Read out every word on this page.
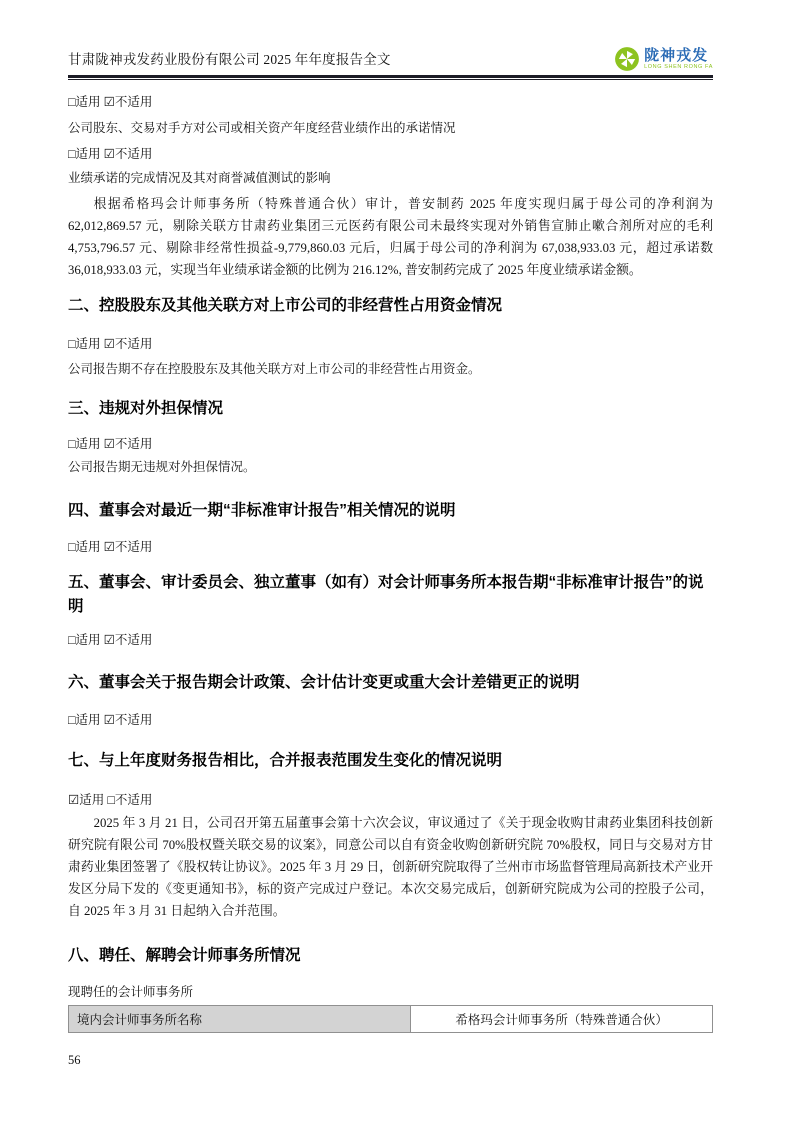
甘肃陇神戎发药业股份有限公司 2025 年年度报告全文	陇神戎发
LONG SHEN RONG FA

□适用 ☑不适用

公司股东、交易对手方对公司或相关资产年度经营业绩作出的承诺情况

□适用 ☑不适用

业绩承诺的完成情况及其对商誉减值测试的影响

根据希格玛会计师事务所（特殊普通合伙）审计，普安制药 2025 年度实现归属于母公司的净利润为 62,012,869.57 元，剔除关联方甘肃药业集团三元医药有限公司未最终实现对外销售宣肺止嗽合剂所对应的毛利 4,753,796.57 元、剔除非经常性损益-9,779,860.03 元后，归属于母公司的净利润为 67,038,933.03 元，超过承诺数 36,018,933.03 元，实现当年业绩承诺金额的比例为 216.12%, 普安制药完成了 2025 年度业绩承诺金额。

二、控股股东及其他关联方对上市公司的非经营性占用资金情况

□适用 ☑不适用

公司报告期不存在控股股东及其他关联方对上市公司的非经营性占用资金。

三、违规对外担保情况

□适用 ☑不适用

公司报告期无违规对外担保情况。

四、董事会对最近一期“非标准审计报告”相关情况的说明

□适用 ☑不适用

五、董事会、审计委员会、独立董事（如有）对会计师事务所本报告期“非标准审计报告”的说明

□适用 ☑不适用

六、董事会关于报告期会计政策、会计估计变更或重大会计差错更正的说明

□适用 ☑不适用

七、与上年度财务报告相比，合并报表范围发生变化的情况说明

☑适用 □不适用

2025 年 3 月 21 日，公司召开第五届董事会第十六次会议，审议通过了《关于现金收购甘肃药业集团科技创新研究院有限公司 70%股权暨关联交易的议案》，同意公司以自有资金收购创新研究院 70%股权，同日与交易对方甘肃药业集团签署了《股权转让协议》。2025 年 3 月 29 日，创新研究院取得了兰州市市场监督管理局高新技术产业开发区分局下发的《变更通知书》，标的资产完成过户登记。本次交易完成后，创新研究院成为公司的控股子公司，自 2025 年 3 月 31 日起纳入合并范围。

八、聘任、解聘会计师事务所情况

现聘任的会计师事务所

境内会计师事务所名称	希格玛会计师事务所（特殊普通合伙）
56
